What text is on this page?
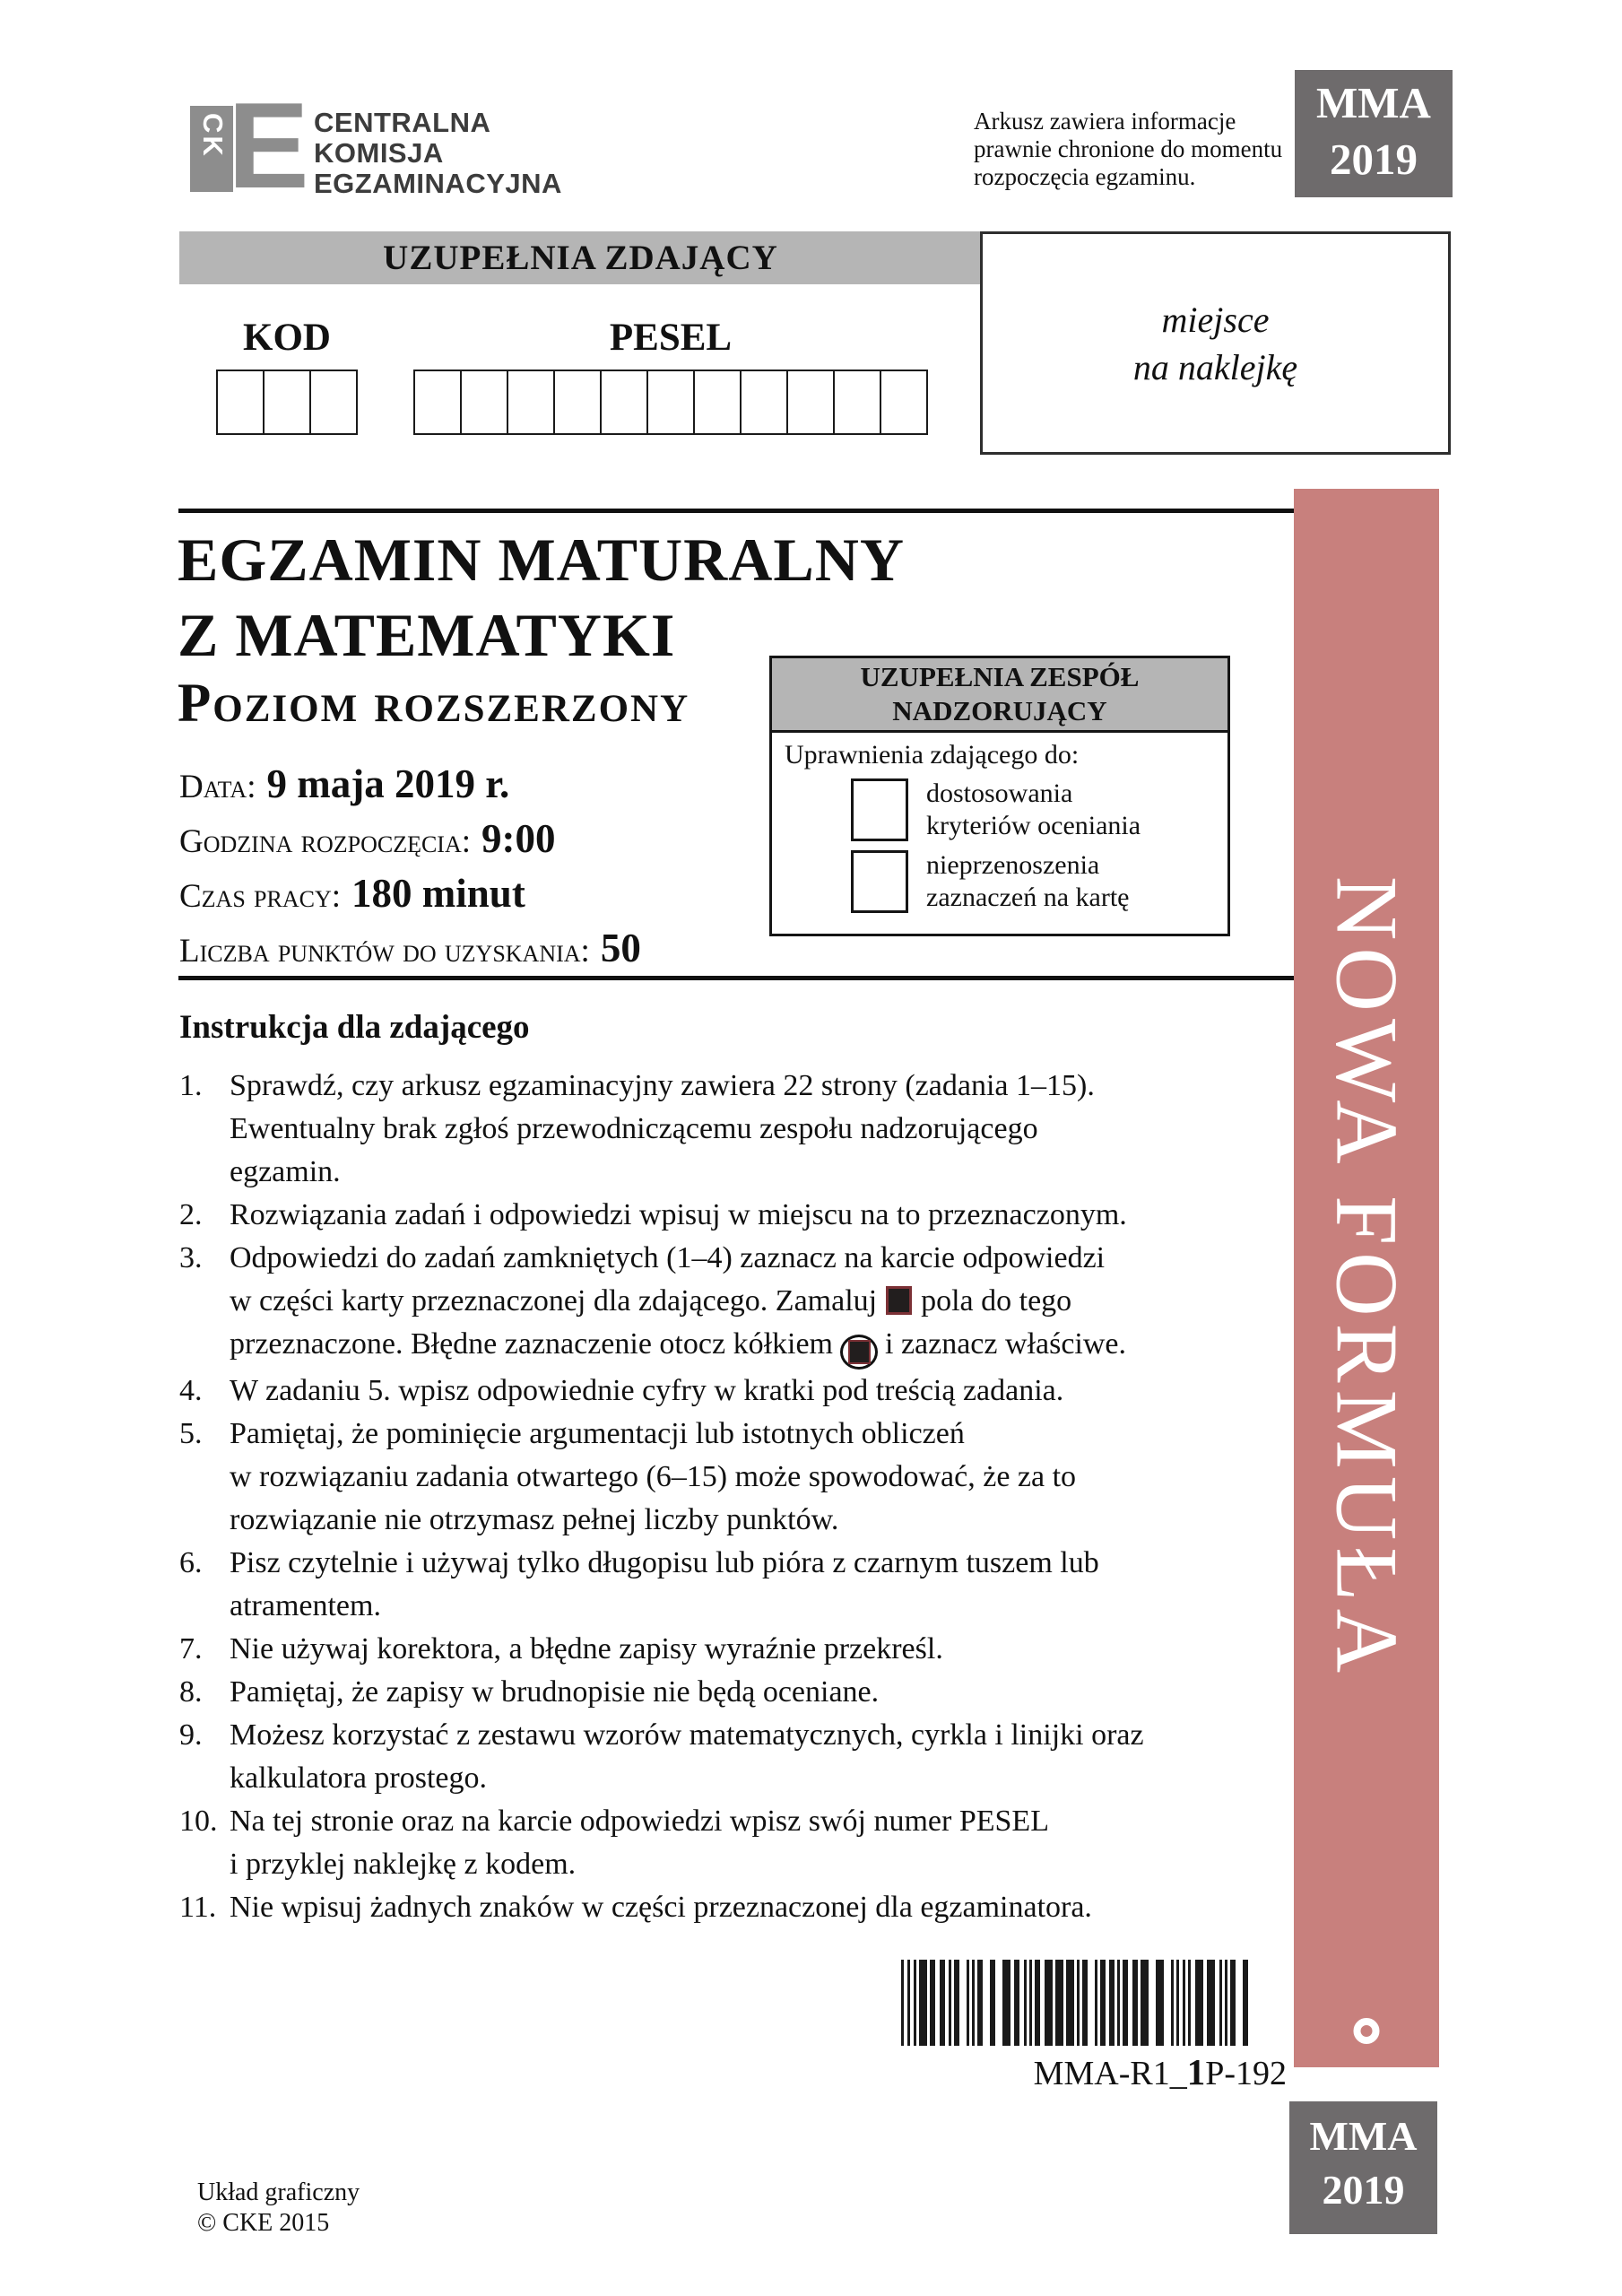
CK E CENTRALNA
KOMISJA
EGZAMINACYJNA
Arkusz zawiera informacje
prawnie chronione do momentu
rozpoczęcia egzaminu.
MMA
2019
UZUPEŁNIA ZDAJĄCY
KOD	PESEL	miejsce
na naklejkę
NOWA FORMUŁA
EGZAMIN MATURALNY
Z MATEMATYKI
Poziom rozszerzony	UZUPEŁNIA ZESPÓŁ
NADZORUJĄCY
Uprawnienia zdającego do:
dostosowania
kryteriów oceniania
nieprzenoszenia
zaznaczeń na kartę
Data: 9 maja 2019 r.
Godzina rozpoczęcia: 9:00
Czas pracy: 180 minut
Liczba punktów do uzyskania: 50
Instrukcja dla zdającego
1. Sprawdź, czy arkusz egzaminacyjny zawiera 22 strony (zadania 1–15).
Ewentualny brak zgłoś przewodniczącemu zespołu nadzorującego
egzamin.
2. Rozwiązania zadań i odpowiedzi wpisuj w miejscu na to przeznaczonym.
3. Odpowiedzi do zadań zamkniętych (1–4) zaznacz na karcie odpowiedzi
w części karty przeznaczonej dla zdającego. Zamaluj pola do tego
przeznaczone. Błędne zaznaczenie otocz kółkiem i zaznacz właściwe.
4. W zadaniu 5. wpisz odpowiednie cyfry w kratki pod treścią zadania.
5. Pamiętaj, że pominięcie argumentacji lub istotnych obliczeń
w rozwiązaniu zadania otwartego (6–15) może spowodować, że za to
rozwiązanie nie otrzymasz pełnej liczby punktów.
6. Pisz czytelnie i używaj tylko długopisu lub pióra z czarnym tuszem lub
atramentem.
7. Nie używaj korektora, a błędne zapisy wyraźnie przekreśl.
8. Pamiętaj, że zapisy w brudnopisie nie będą oceniane.
9. Możesz korzystać z zestawu wzorów matematycznych, cyrkla i linijki oraz
kalkulatora prostego.
10. Na tej stronie oraz na karcie odpowiedzi wpisz swój numer PESEL
i przyklej naklejkę z kodem.
11. Nie wpisuj żadnych znaków w części przeznaczonej dla egzaminatora.
MMA-R1_1P-192
MMA
2019
Układ graficzny
© CKE 2015
